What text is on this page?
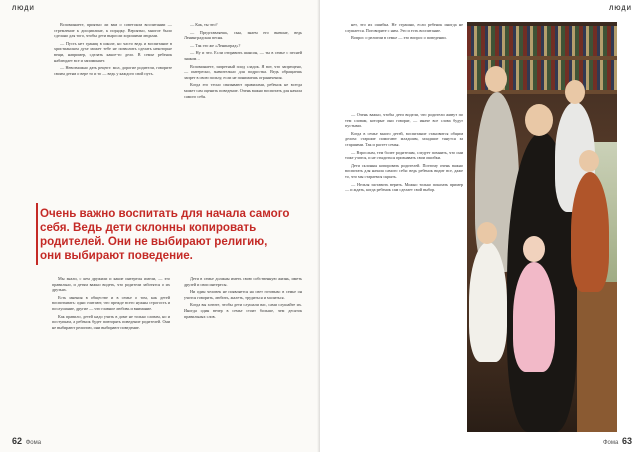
ЛЮДИ

Вспоминаете, приятно ли вам о советском воспитании — стремление к дисциплине, к порядку. Вероятно, многое было сделано для того, чтобы дети выросли хорошими людьми.

— Пусть нет границ в школе, но часто ведь и воспитание в христианском духе может тебе не позволить сделать некоторые вещи, например, сделать какое-то дело. В семье ребенок наблюдает все и запоминает.

— Невозможно дать рецепт: мол, дорогие родители, говорите своим детям о вере то и то — ведь у каждого свой путь.

— Как, ты что?

— Представляешь, сын, знаем его внешне, ведь Ленинградская песня.

— Так это же «Ленинград»?

— Ну и что. Если отправить шансон, — ты в семье с песней знаком…

Вспоминаете, запретный плод сладок. Я вот, что запрещено, — интересно, значительно для подростка. Ведь обращаешь запрет в свою пользу, если не понимаешь ограничения.

Когда его тесно связывают правилами, ребенок не всегда может сам оценить поведение. Очень важно воспитать для начала самого себя.

Очень важно воспитать для начала самого себя. Ведь дети склонны копировать родителей. Они не выбирают религию, они выбирают поведение.

Мы знали, с кем дружили и какие интересы имели, — это правильно, и детям важно видеть, что родители заботятся о их друзьях.

Есть мнения в обществе и в семье о том, как детей воспитывать: одни считают, что прежде всего нужны строгость и послушание, другие — что главное любовь и внимание.

Как правило, детей надо учить в доме не только словам, но и поступкам, а ребенок будет повторять поведение родителей. Они не выбирают религию, они выбирают поведение.

Дети в семье должны иметь свою собственную жизнь, иметь друзей и свои интересы.

Ни один человек не появляется на свет готовым: в семье он учится говорить, любить, жалеть, трудиться и молиться.

Когда вы хотите, чтобы дети слушали вас, сами слушайте их. Иногда один вечер в семье стоит больше, чем десяток правильных слов.

62 Фома
ЛЮДИ

нет, это их ошибка. Не страшно, если ребенок иногда не слушается. Поговорите с ним. Это и есть воспитание.

Вопрос о религии в семье — это вопрос о поведении.

— Очень важно, чтобы дети видели, что родители живут по тем словам, которые они говорят, — иначе все слова будут пустыми.

Когда в семье много детей, воспитание становится общим делом: старшие помогают младшим, младшие тянутся за старшими. Так и растет семья.

— Взрослым, тем более родителям, следует помнить, что они тоже учатся, и не стыдиться признавать свои ошибки.

Дети склонны копировать родителей. Поэтому очень важно воспитать для начала самого себя: ведь ребенок видит все, даже то, что мы стараемся скрыть.

— Нельзя заставить верить. Можно только показать пример — и ждать, когда ребенок сам сделает свой выбор.

Фома 63
